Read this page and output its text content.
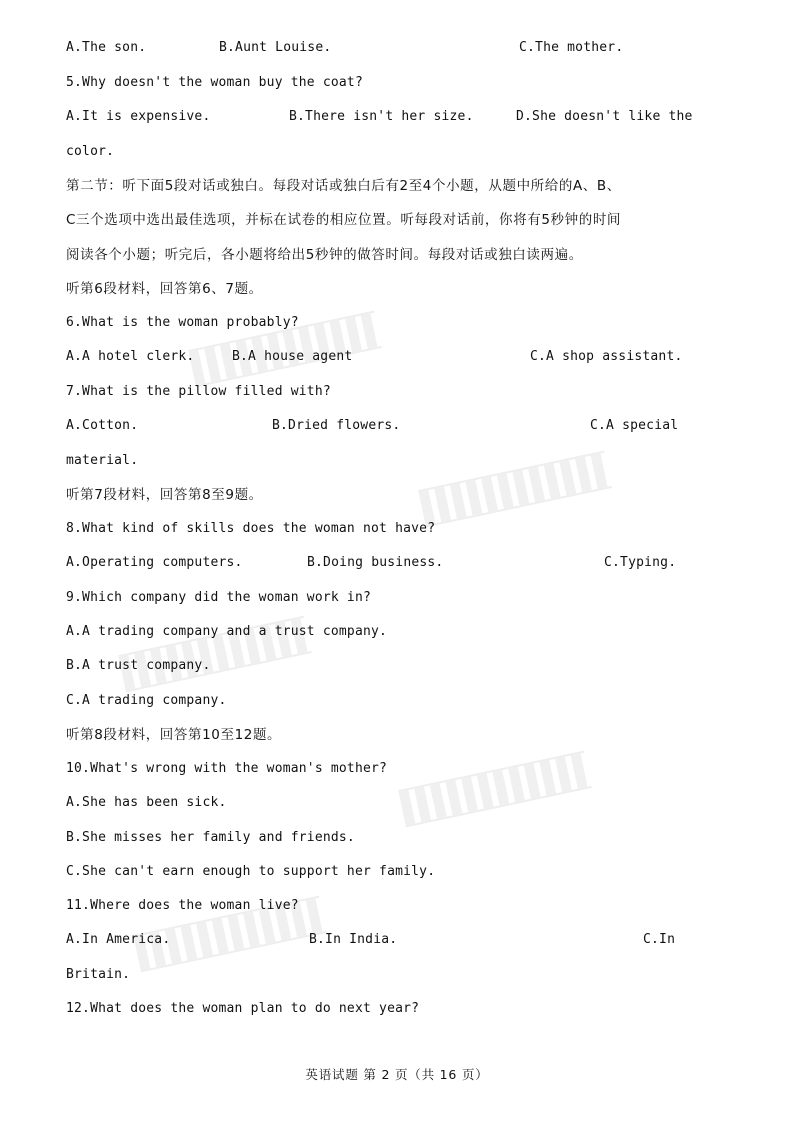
A.The son.	B.Aunt Louise.	C.The mother.
5.Why doesn't the woman buy the coat?
A.It is expensive.	B.There isn't her size.	D.She doesn't like the
color.
第二节：听下面5段对话或独白。每段对话或独白后有2至4个小题，从题中所给的A、B、
C三个选项中选出最佳选项，并标在试卷的相应位置。听每段对话前，你将有5秒钟的时间
阅读各个小题；听完后，各小题将给出5秒钟的做答时间。每段对话或独白读两遍。
听第6段材料，回答第6、7题。
6.What is the woman probably?
A.A hotel clerk.	B.A house agent	C.A shop assistant.
7.What is the pillow filled with?
A.Cotton.	B.Dried flowers.	C.A special
material.
听第7段材料，回答第8至9题。
8.What kind of skills does the woman not have?
A.Operating computers.	B.Doing business.	C.Typing.
9.Which company did the woman work in?
A.A trading company and a trust company.
B.A trust company.
C.A trading company.
听第8段材料，回答第10至12题。
10.What's wrong with the woman's mother?
A.She has been sick.
B.She misses her family and friends.
C.She can't earn enough to support her family.
11.Where does the woman live?
A.In America.	B.In India.	C.In
Britain.
12.What does the woman plan to do next year?
英语试题 第 2 页（共 16 页）
